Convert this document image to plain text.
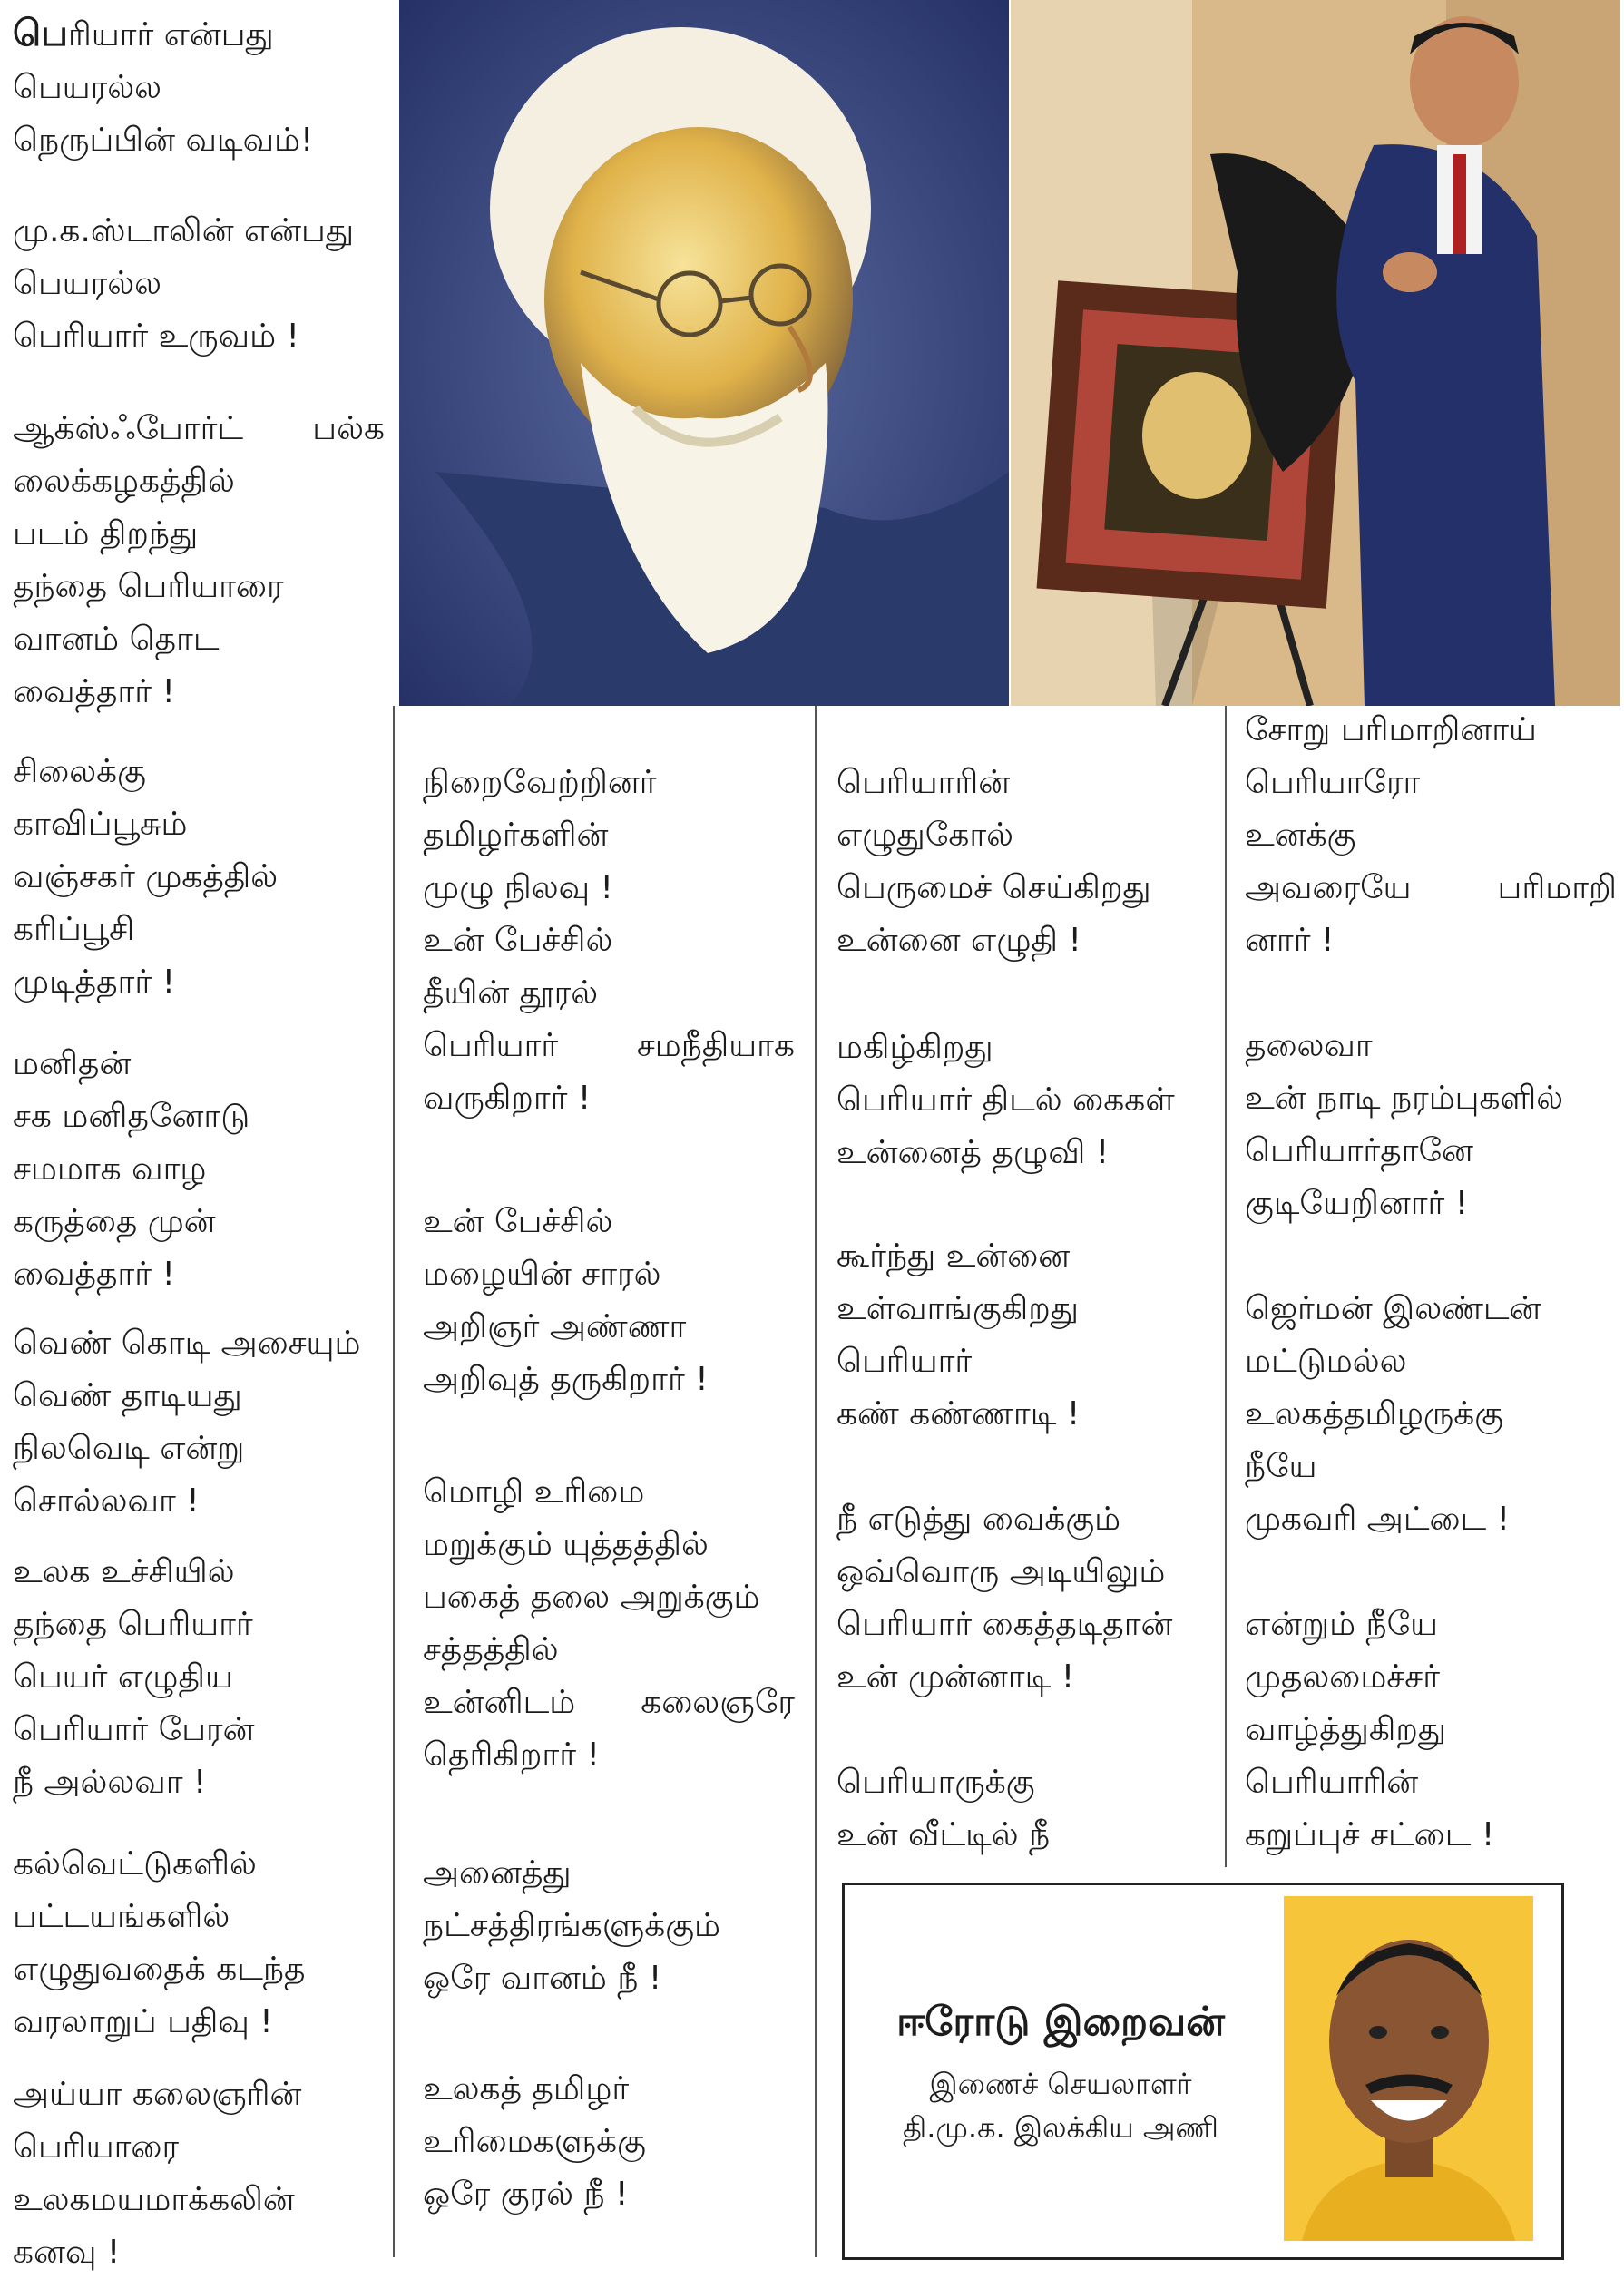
பெரியார் என்பது
பெயரல்ல
நெருப்பின் வடிவம்!
மு.க.ஸ்டாலின் என்பது
பெயரல்ல
பெரியார் உருவம் !
ஆக்ஸ்ஃபோர்ட் பல்க
லைக்கழகத்தில்
படம் திறந்து
தந்தை பெரியாரை
வானம் தொட
வைத்தார் !
சிலைக்கு
காவிப்பூசும்
வஞ்சகர் முகத்தில்
கரிப்பூசி
முடித்தார் !
மனிதன்
சக மனிதனோடு
சமமாக வாழ
கருத்தை முன்
வைத்தார் !
வெண் கொடி அசையும்
வெண் தாடியது
நிலவெடி என்று
சொல்லவா !
உலக உச்சியில்
தந்தை பெரியார்
பெயர் எழுதிய
பெரியார் பேரன்
நீ அல்லவா !
கல்வெட்டுகளில்
பட்டயங்களில்
எழுதுவதைக் கடந்த
வரலாறுப் பதிவு !
அய்யா கலைஞரின்
பெரியாரை
உலகமயமாக்கலின்
கனவு !
நிறைவேற்றினர்
தமிழர்களின்
முழு நிலவு !
உன் பேச்சில்
தீயின் தூரல்
பெரியார் சமநீதியாக
வருகிறார் !
உன் பேச்சில்
மழையின் சாரல்
அறிஞர் அண்ணா
அறிவுத் தருகிறார் !
மொழி உரிமை
மறுக்கும் யுத்தத்தில்
பகைத் தலை அறுக்கும்
சத்தத்தில்
உன்னிடம் கலைஞரே
தெரிகிறார் !
அனைத்து
நட்சத்திரங்களுக்கும்
ஒரே வானம் நீ !
உலகத் தமிழர்
உரிமைகளுக்கு
ஒரே குரல் நீ !
பெரியாரின்
எழுதுகோல்
பெருமைச் செய்கிறது
உன்னை எழுதி !
மகிழ்கிறது
பெரியார் திடல் கைகள்
உன்னைத் தழுவி !
கூர்ந்து உன்னை
உள்வாங்குகிறது
பெரியார்
கண் கண்ணாடி !
நீ எடுத்து வைக்கும்
ஒவ்வொரு அடியிலும்
பெரியார் கைத்தடிதான்
உன் முன்னாடி !
பெரியாருக்கு
உன் வீட்டில் நீ
சோறு பரிமாறினாய்
பெரியாரோ
உனக்கு
அவரையே	பரிமாறி
னார் !
தலைவா
உன் நாடி நரம்புகளில்
பெரியார்தானே
குடியேறினார் !
ஜெர்மன் இலண்டன்
மட்டுமல்ல
உலகத்தமிழருக்கு
நீயே
முகவரி அட்டை !
என்றும் நீயே
முதலமைச்சர்
வாழ்த்துகிறது
பெரியாரின்
கறுப்புச் சட்டை !
ஈரோடு இறைவன்
இணைச் செயலாளர்
தி.மு.க. இலக்கிய அணி
